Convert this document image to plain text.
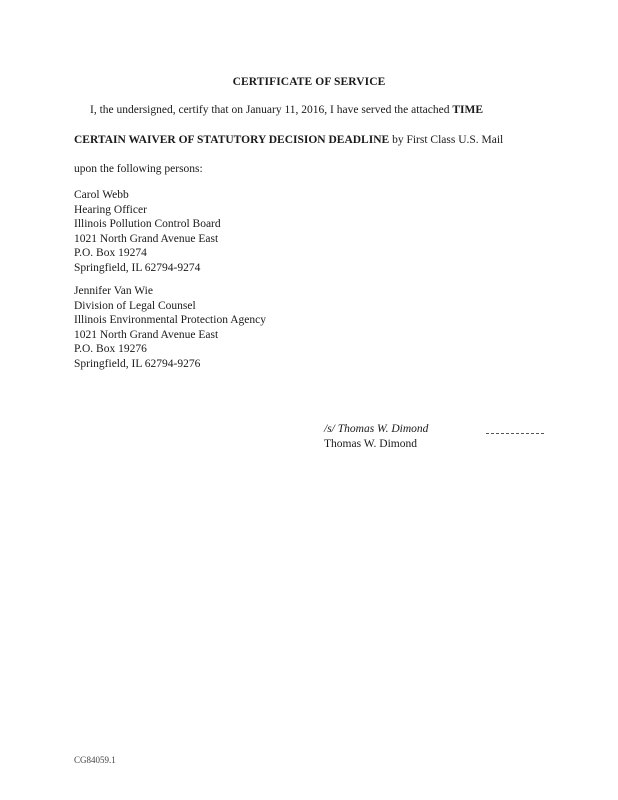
CERTIFICATE OF SERVICE
I, the undersigned, certify that on January 11, 2016, I have served the attached TIME
CERTAIN WAIVER OF STATUTORY DECISION DEADLINE by First Class U.S. Mail
upon the following persons:
Carol Webb
Hearing Officer
Illinois Pollution Control Board
1021 North Grand Avenue East
P.O. Box 19274
Springfield, IL 62794-9274
Jennifer Van Wie
Division of Legal Counsel
Illinois Environmental Protection Agency
1021 North Grand Avenue East
P.O. Box 19276
Springfield, IL 62794-9276
/s/ Thomas W. Dimond
Thomas W. Dimond
CG84059.1
